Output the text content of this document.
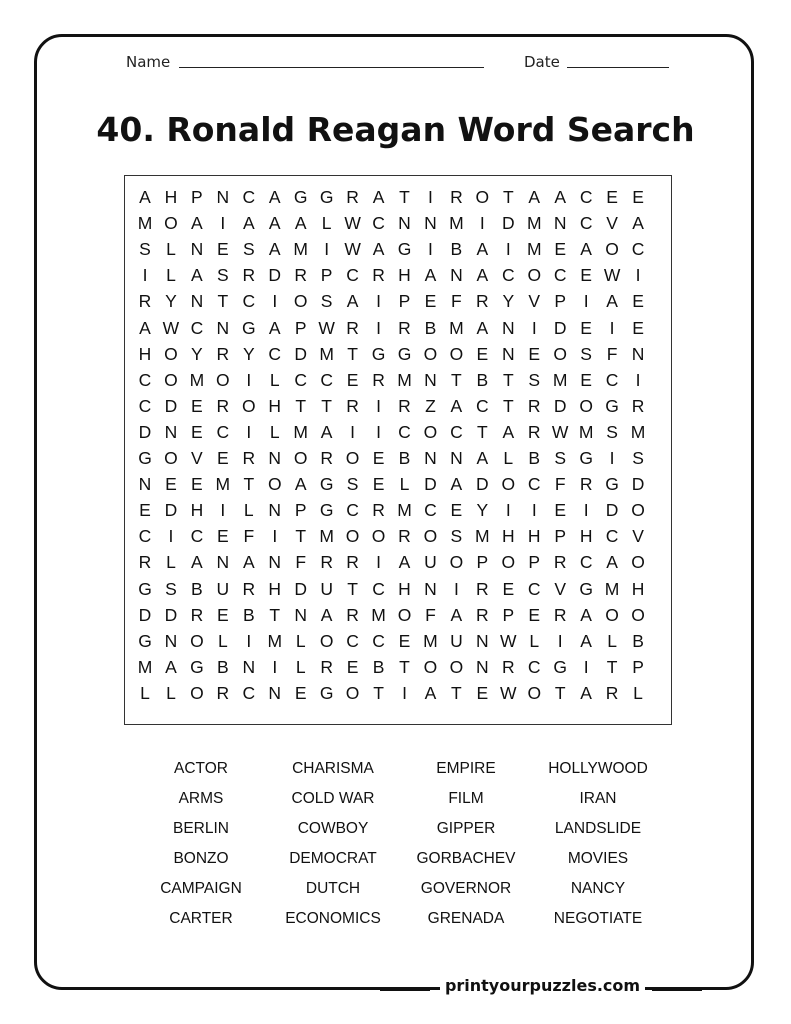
Name	Date
40. Ronald Reagan Word Search
A H P N C A G G R A T	I R O T A A C E E
M O A	I	A A A L W C N N M I D M N C V A
S L N E S A M I W A G I	B A	I M E A O C
I	L A S R D R P C R H A N A C O C E W I
R Y N T C I O S A	I	P E F R Y V P	I	A E
A W C N G A P W R I R B M A N I D E	I	E
H O Y R Y C D M T G G O O E N E O S F N
C O M O I	L C C E R M N T B T S M E C I
C D E R O H T T R I R Z A C T R D O G R
D N E C I	L M A	I	I C O C T A R W M S M
G O V E R N O R O E B N N A L B S G I	S
N E E M T O A G S E L D A D O C F R G D
E D H I	L N P G C R M C E Y	I	I	E	I D O
C I C E F	I	T M O O R O S M H H P H C V
R L A N A N F R R I	A U O P O P R C A O
G S B U R H D U T C H N I R E C V G M H
D D R E B T N A R M O F A R P E R A O O
G N O L	I M L O C C E M U N W L	I	A L B
M A G B N I	L R E B T O O N R C G I	T P
L L O R C N E G O T	I	A T E W O T A R L
ACTOR	CHARISMA	EMPIRE	HOLLYWOOD
ARMS	COLD WAR	FILM	IRAN
BERLIN	COWBOY	GIPPER	LANDSLIDE
BONZO	DEMOCRAT	GORBACHEV	MOVIES
CAMPAIGN	DUTCH	GOVERNOR	NANCY
CARTER	ECONOMICS	GRENADA	NEGOTIATE
printyourpuzzles.com
